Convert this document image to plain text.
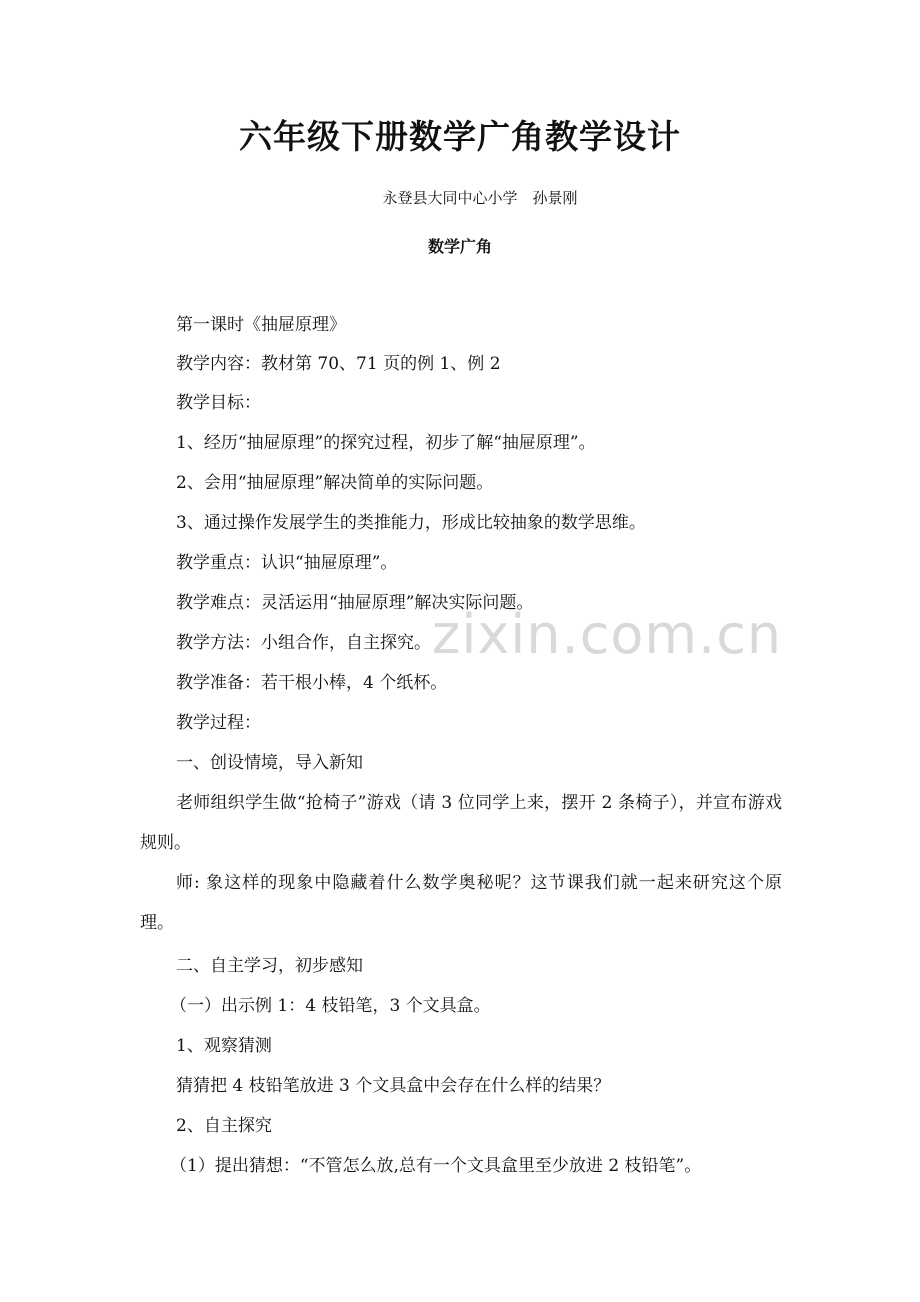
六年级下册数学广角教学设计
永登县大同中心小学　孙景刚
数学广角
第一课时《抽屉原理》
教学内容：教材第 70、71 页的例 1、例 2
教学目标：
1、经历“抽屉原理”的探究过程，初步了解“抽屉原理”。
2、会用“抽屉原理”解决简单的实际问题。
3、通过操作发展学生的类推能力，形成比较抽象的数学思维。
教学重点：认识“抽屉原理”。
教学难点：灵活运用“抽屉原理”解决实际问题。
教学方法：小组合作，自主探究。
教学准备：若干根小棒，4 个纸杯。
教学过程：
一、创设情境，导入新知
老师组织学生做“抢椅子”游戏（请 3 位同学上来，摆开 2 条椅子），并宣布游戏规则。
师: 象这样的现象中隐藏着什么数学奥秘呢？这节课我们就一起来研究这个原理。
二、自主学习，初步感知
（一）出示例 1：4 枝铅笔，3 个文具盒。
1、观察猜测
猜猜把 4 枝铅笔放进 3 个文具盒中会存在什么样的结果？
2、自主探究
（1）提出猜想：“不管怎么放,总有一个文具盒里至少放进 2 枝铅笔”。
zixin.com.cn
